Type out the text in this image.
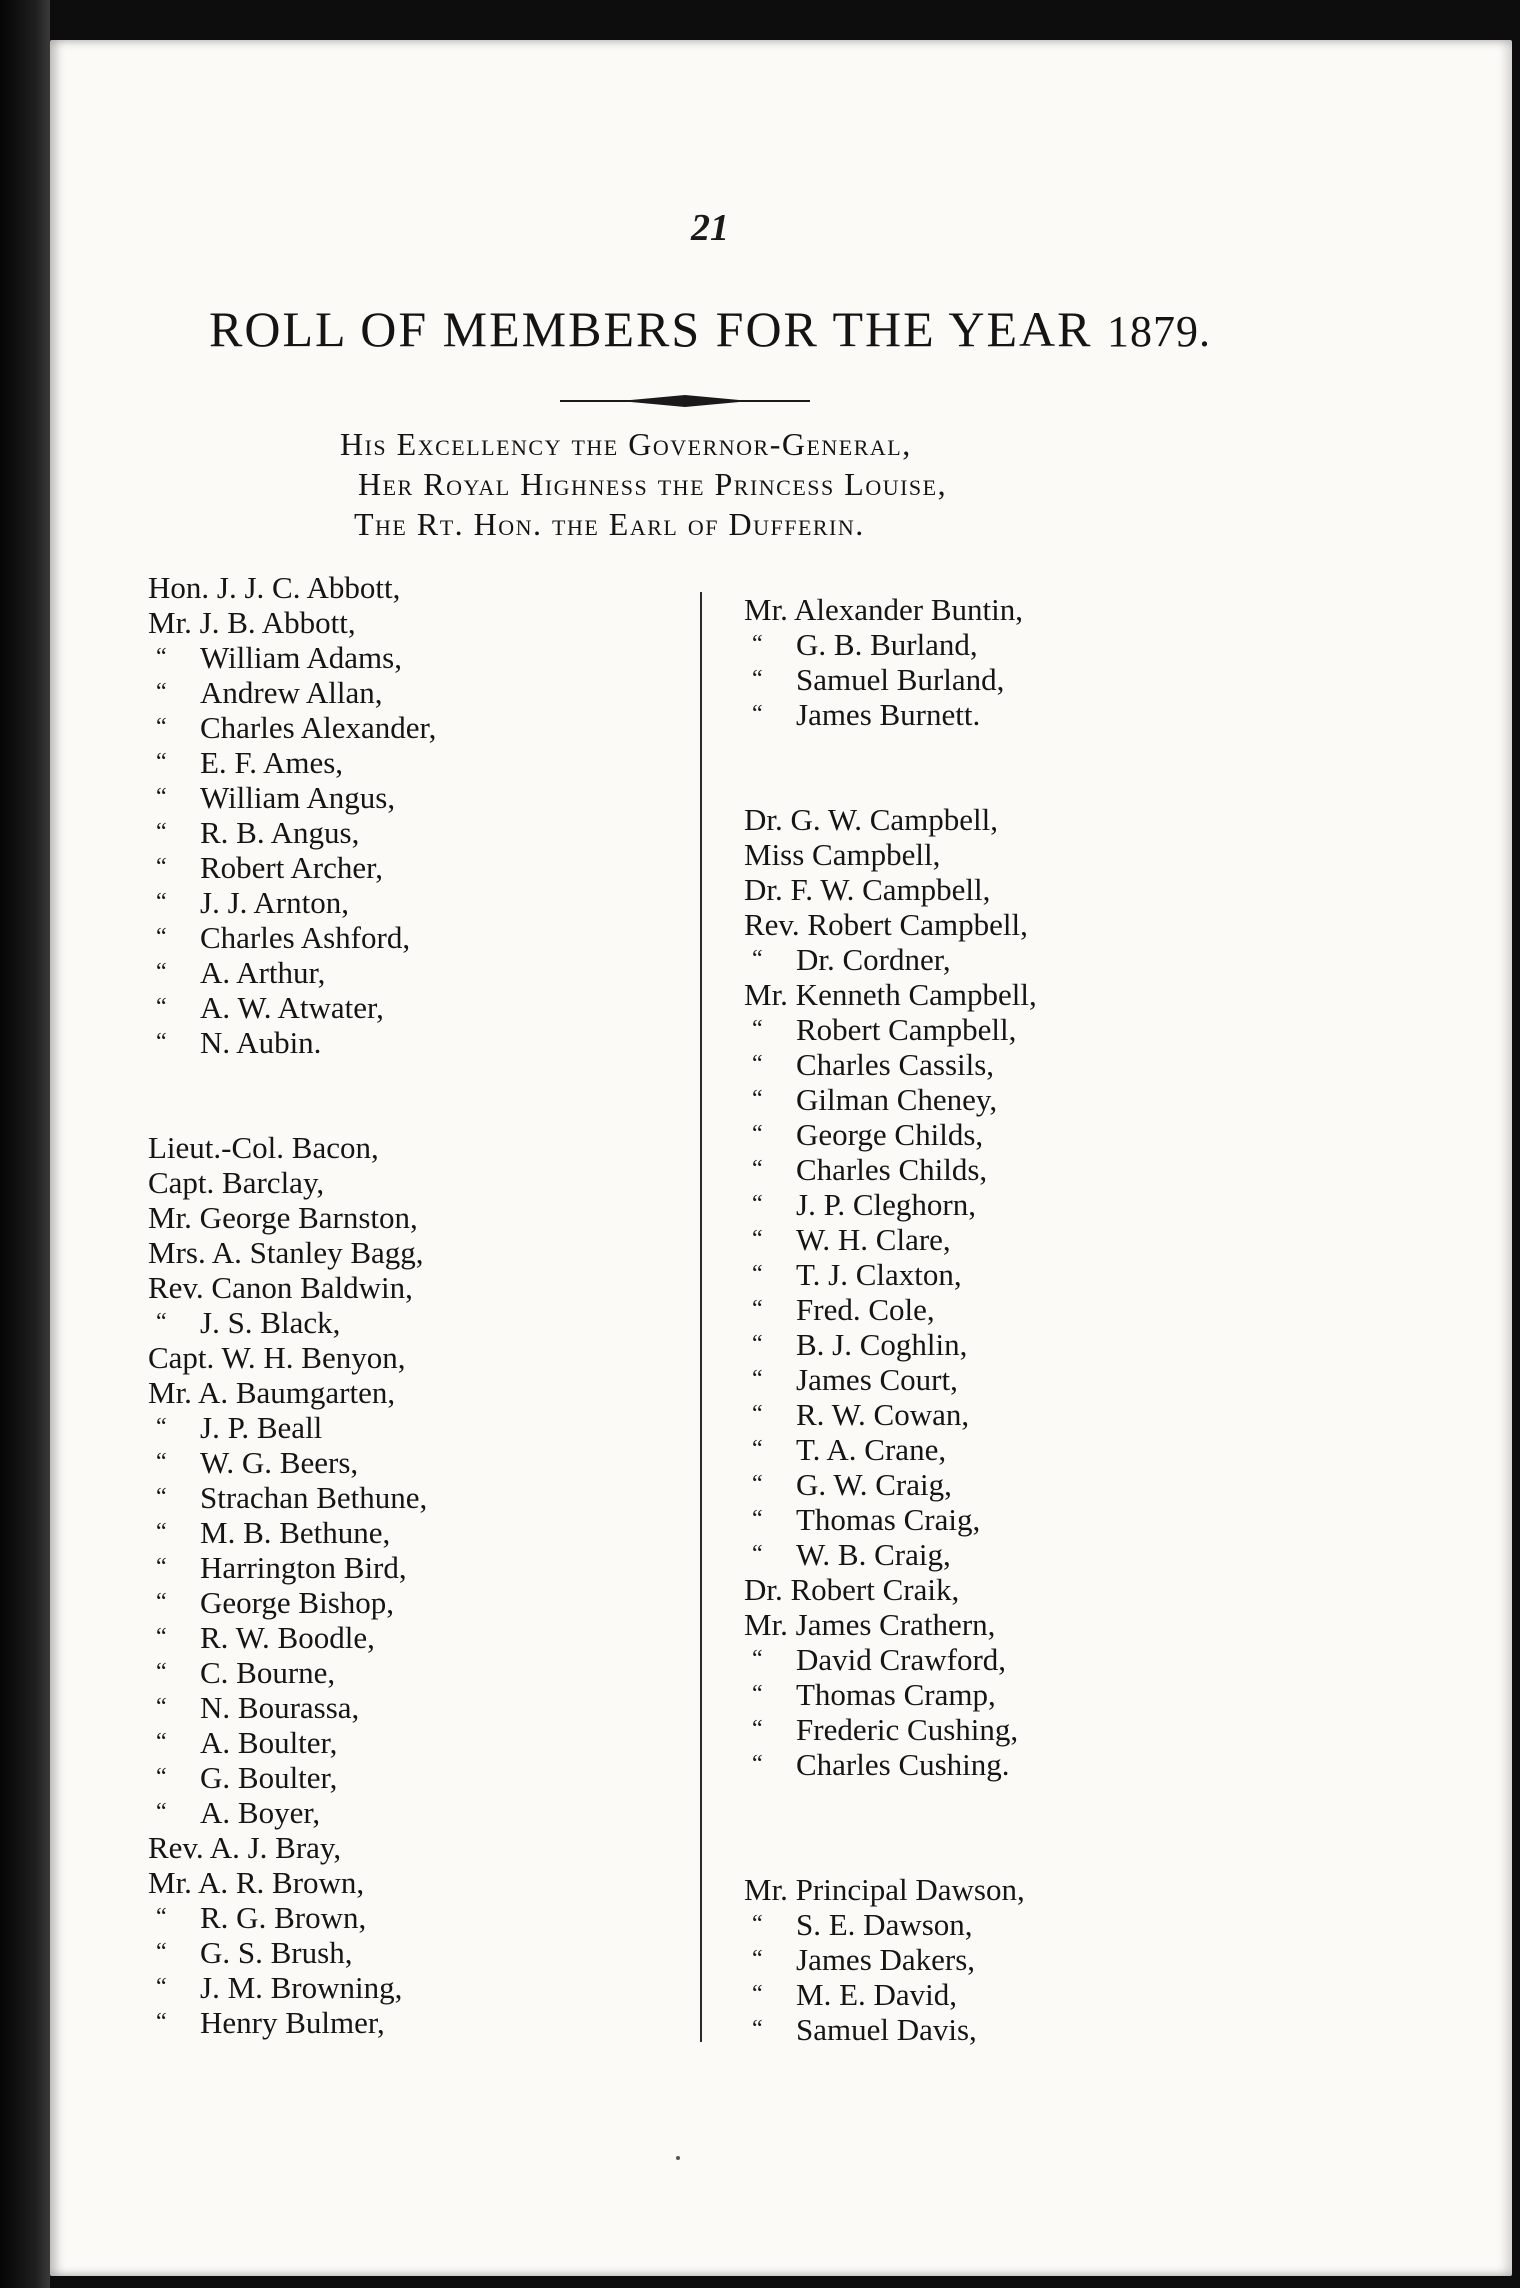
21
ROLL OF MEMBERS FOR THE YEAR 1879.
His Excellency the Governor-General,
Her Royal Highness the Princess Louise,
The Rt. Hon. the Earl of Dufferin.
Hon. J. J. C. Abbott,
Mr. J. B. Abbott,
“ William Adams,
“ Andrew Allan,
“ Charles Alexander,
“ E. F. Ames,
“ William Angus,
“ R. B. Angus,
“ Robert Archer,
“ J. J. Arnton,
“ Charles Ashford,
“ A. Arthur,
“ A. W. Atwater,
“ N. Aubin.
Lieut.-Col. Bacon,
Capt. Barclay,
Mr. George Barnston,
Mrs. A. Stanley Bagg,
Rev. Canon Baldwin,
“ J. S. Black,
Capt. W. H. Benyon,
Mr. A. Baumgarten,
“ J. P. Beall
“ W. G. Beers,
“ Strachan Bethune,
“ M. B. Bethune,
“ Harrington Bird,
“ George Bishop,
“ R. W. Boodle,
“ C. Bourne,
“ N. Bourassa,
“ A. Boulter,
“ G. Boulter,
“ A. Boyer,
Rev. A. J. Bray,
Mr. A. R. Brown,
“ R. G. Brown,
“ G. S. Brush,
“ J. M. Browning,
“ Henry Bulmer,
Mr. Alexander Buntin,
“ G. B. Burland,
“ Samuel Burland,
“ James Burnett.
Dr. G. W. Campbell,
Miss Campbell,
Dr. F. W. Campbell,
Rev. Robert Campbell,
“ Dr. Cordner,
Mr. Kenneth Campbell,
“ Robert Campbell,
“ Charles Cassils,
“ Gilman Cheney,
“ George Childs,
“ Charles Childs,
“ J. P. Cleghorn,
“ W. H. Clare,
“ T. J. Claxton,
“ Fred. Cole,
“ B. J. Coghlin,
“ James Court,
“ R. W. Cowan,
“ T. A. Crane,
“ G. W. Craig,
“ Thomas Craig,
“ W. B. Craig,
Dr. Robert Craik,
Mr. James Crathern,
“ David Crawford,
“ Thomas Cramp,
“ Frederic Cushing,
“ Charles Cushing.
Mr. Principal Dawson,
“ S. E. Dawson,
“ James Dakers,
“ M. E. David,
“ Samuel Davis,
